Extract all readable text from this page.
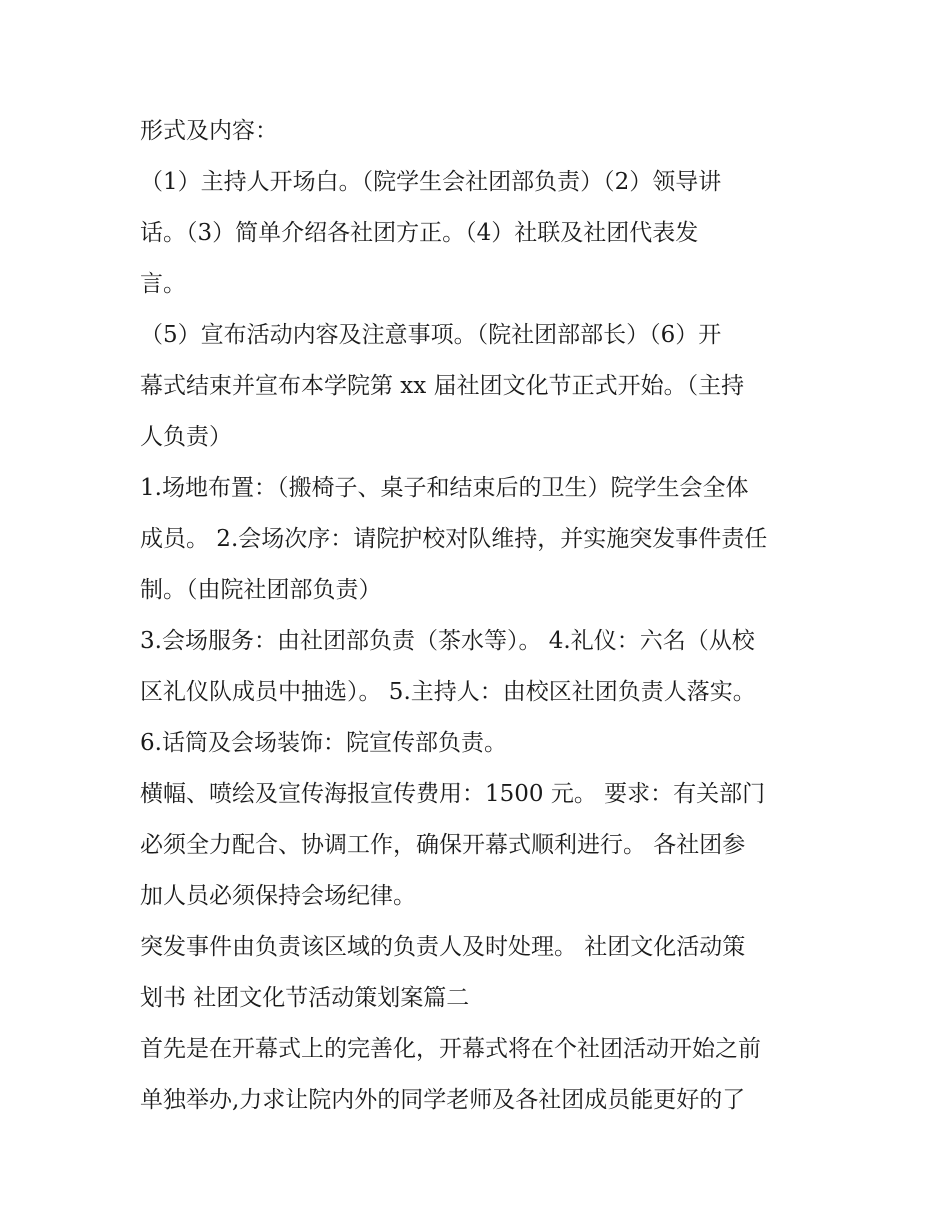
形式及内容：
（1）主持人开场白。（院学生会社团部负责）（2）领导讲
话。（3）简单介绍各社团方正。（4）社联及社团代表发
言。
（5）宣布活动内容及注意事项。（院社团部部长）（6）开
幕式结束并宣布本学院第 xx 届社团文化节正式开始。（主持
人负责）
1.场地布置：（搬椅子、桌子和结束后的卫生）院学生会全体
成员。 2.会场次序：请院护校对队维持，并实施突发事件责任
制。（由院社团部负责）
3.会场服务：由社团部负责（茶水等）。 4.礼仪：六名（从校
区礼仪队成员中抽选）。 5.主持人：由校区社团负责人落实。
6.话筒及会场装饰：院宣传部负责。
横幅、喷绘及宣传海报宣传费用：1500 元。 要求：有关部门
必须全力配合、协调工作，确保开幕式顺利进行。 各社团参
加人员必须保持会场纪律。
突发事件由负责该区域的负责人及时处理。 社团文化活动策
划书 社团文化节活动策划案篇二
首先是在开幕式上的完善化，开幕式将在个社团活动开始之前
单独举办,力求让院内外的同学老师及各社团成员能更好的了
